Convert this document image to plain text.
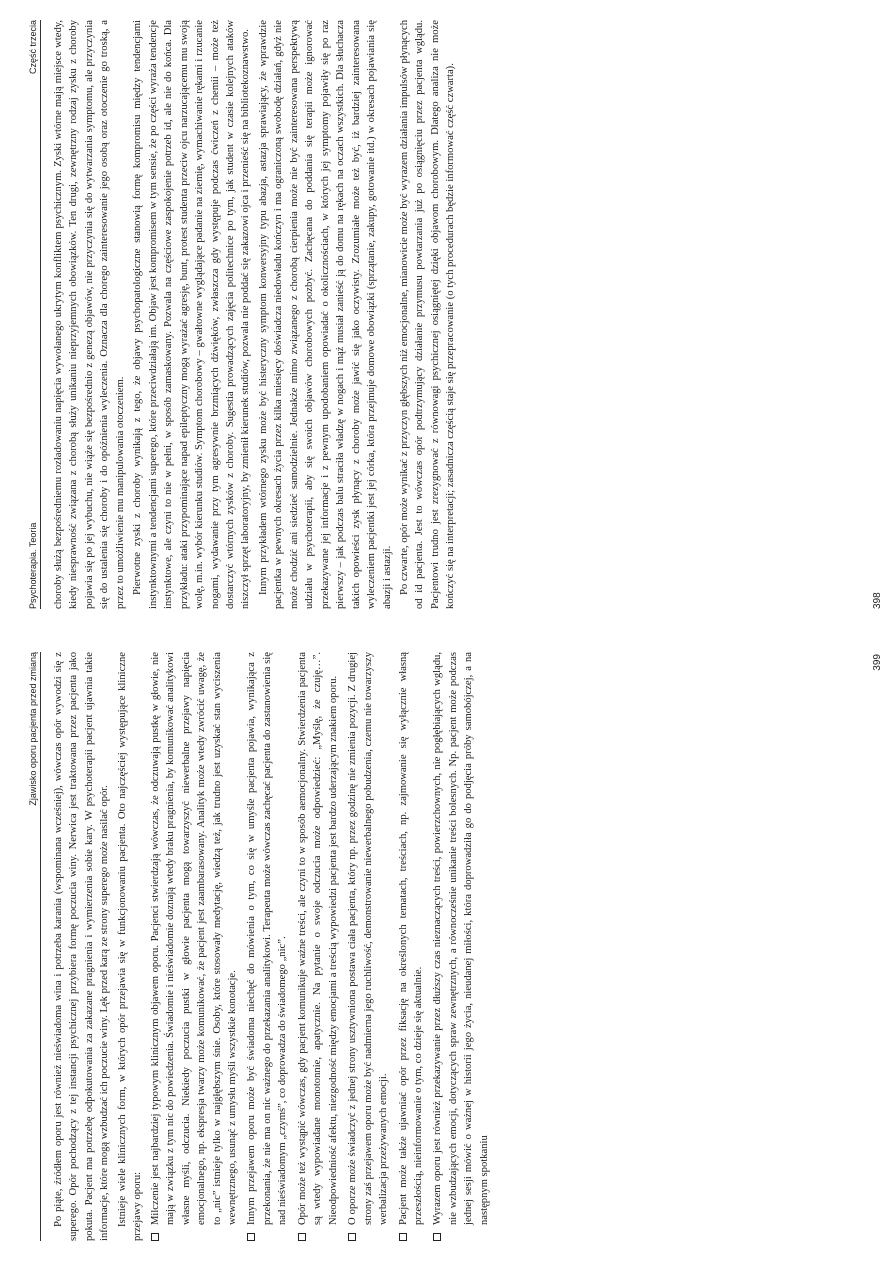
Psychoterapia. Teoria
Część trzecia choroby służą bezpośredniemu rozładowaniu napięcia wywołanego ukrytym konfliktem psychicznym. Zyski wtórne mają miejsce wtedy, kiedy niesprawność związana z chorobą służy unikaniu nieprzyjemnych obowiązków. Ten drugi, zewnętrzny rodzaj zysku z choroby pojawia się po jej wybuchu, nie wiąże się bezpośrednio z genezą objawów, nie przyczynia się do wytwarzania symptomu, ale przyczynia się do ustalenia się choroby i do opóźnienia wyleczenia. Oznacza dla chorego zainteresowanie jego osobą oraz otoczenie go troską, a przez to umożliwienie mu manipulowania otoczeniem. Pierwotne zyski z choroby wynikają z tego, że objawy psychopatologiczne stanowią formę kompromisu między tendencjami instynktownymi a tendencjami superego, które przeciwdziałają im. Objaw jest kompromisem w tym sensie, że po części wyraża tendencje instynktowe, ale czyni to nie w pełni, w sposób zamaskowany. Pozwala na częściowe zaspokojenie potrzeb id, ale nie do końca. Dla przykładu: ataki przypominające napad epileptyczny mogą wyrażać agresję, bunt, protest studenta przeciw ojcu narzucającemu mu swoją wolę, m.in. wybór kierunku studiów. Symptom chorobowy – gwałtowne wyglądające padanie na ziemię, wymachiwanie rękami i rzucanie nogami, wydawanie przy tym agresywnie brzmiących dźwięków, zwłaszcza gdy występuje podczas ćwiczeń z chemii – może też dostarczyć wtórnych zysków z choroby. Sugestia prowadzących zajęcia politechnice po tym, jak student w czasie kolejnych ataków niszczył sprzęt laboratoryjny, by zmienił kierunek studiów, pozwala nie poddać się zakazowi ojca i przenieść się na bibliotekoznawstwo. Innym przykładem wtórnego zysku może być histeryczny symptom konwersyjny typu abazja, astazja sprawiający, że wprawdzie pacjentka w pewnych okresach życia przez kilka miesięcy doświadcza niedowładu kończyn i ma ograniczoną swobodę działań, gdyż nie może chodzić ani siedzieć samodzielnie. Jednakże mimo związanego z chorobą cierpienia może nie być zainteresowana perspektywą udziału w psychoterapii, aby się swoich objawów chorobowych pozbyć. Zachęcana do poddania się terapii może ignorować przekazywane jej informacje i z pewnym upodobaniem opowiadać o okolicznościach, w których jej symptomy pojawiły się po raz pierwszy – jak podczas balu straciła władzę w nogach i mąż musiał zanieść ją do domu na rękach na oczach wszystkich. Dla słuchacza takich opowieści zysk płynący z choroby może jawić się jako oczywisty. Zrozumiałe może też być, iż bardziej zainteresowana wyleczeniem pacjentki jest jej córka, która przejmuje domowe obowiązki (sprzątanie, zakupy, gotowanie itd.) w okresach pojawiania się abazji i astazji. Po czwarte, opór może wynikać z przyczyn głębszych niż emocjonalne, mianowicie może być wyrazem działania impulsów płynących od id pacjenta. Jest to wówczas opór podtrzymujący działanie przymusu powtarzania już po osiągnięciu przez pacjenta wglądu. Pacjentowi trudno jest zrezygnować z równowagi psychicznej osiągniętej dzięki objawom chorobowym. Dlatego analiza nie może kończyć się na interpretacji; zasadnicza częścią staje się przepracowanie (o tych procedurach będzie informować część czwarta).	398
Zjawisko oporu pacjenta przed zmianą Po piąte, źródłem oporu jest również nieświadoma wina i potrzeba karania (wspominana wcześniej), wówczas opór wywodzi się z superego. Opór pochodzący z tej instancji psychicznej przybiera formę poczucia winy. Nerwica jest traktowana przez pacjenta jako pokuta. Pacjent ma potrzebę odpokutowania za zakazane pragnienia i wymierzenia sobie kary. W psychoterapii pacjent ujawnia takie informacje, które mogą wzbudzać ich poczucie winy. Lęk przed karą ze strony superego może nasilać opór. Istnieje wiele klinicznych form, w których opór przejawia się w funkcjonowaniu pacjenta. Oto najczęściej występujące kliniczne przejawy oporu: Milczenie jest najbardziej typowym klinicznym objawem oporu. Pacjenci stwierdzają wówczas, że odczuwają pustkę w głowie, nie mają w związku z tym nic do powiedzenia. Świadomie i nieświadomie doznają wtedy braku pragnienia, by komunikować analitykowi własne myśli, odczucia. Niekiedy poczucia pustki w głowie pacjenta mogą towarzyszyć niewerbalne przejawy napięcia emocjonalnego, np. ekspresja twarzy może komunikować, że pacjent jest zaambarasowany. Analityk może wtedy zwrócić uwagę, że to „nic” istnieje tylko w najgłębszym śnie. Osoby, które stosowały medytację, wiedzą też, jak trudno jest uzyskać stan wyciszenia wewnętrznego, usunąć z umysłu myśli wszystkie konotacje. Innym przejawem oporu może być świadoma niechęć do mówienia o tym, co się w umyśle pacjenta pojawia, wynikająca z przekonania, że nie ma on nic ważnego do przekazania analitykowi. Terapeuta może wówczas zachęcać pacjenta do zastanowienia się nad nieświadomym „czymś”, co doprowadza do świadomego „nic”. Opór może też wystąpić wówczas, gdy pacjent komunikuje ważne treści, ale czyni to w sposób aemocjonalny. Stwierdzenia pacjenta są wtedy wypowiadane monotonnie, apatycznie. Na pytanie o swoje odczucia może odpowiedzieć: „Myślę, że czuję…”. Nieodpowiedniość afektu, niezgodność między emocjami a treścią wypowiedzi pacjenta jest bardzo uderzającym znakiem oporu. O oporze może świadczyć z jednej strony usztywniona postawa ciała pacjenta, który np. przez godzinę nie zmienia pozycji. Z drugiej strony zaś przejawem oporu może być nadmierna jego ruchliwość, demonstrowanie niewerbalnego pobudzenia, czemu nie towarzyszy werbalizacja przeżywanych emocji. Pacjent może także ujawniać opór przez fiksację na określonych tematach, treściach, np. zajmowanie się wyłącznie własną przeszłością, nieinformowanie o tym, co dzieje się aktualnie. Wyrazem oporu jest również przekazywanie przez dłuższy czas nieznaczących treści, powierzchownych, nie pogłębiających wglądu, nie wzbudzających emocji, dotyczących spraw zewnętrznych, a równocześnie unikanie treści bolesnych. Np. pacjent może podczas jednej sesji mówić o ważnej w historii jego życia, nieudanej miłości, która doprowadziła go do podjęcia próby samobójczej, a na następnym spotkaniu
399
